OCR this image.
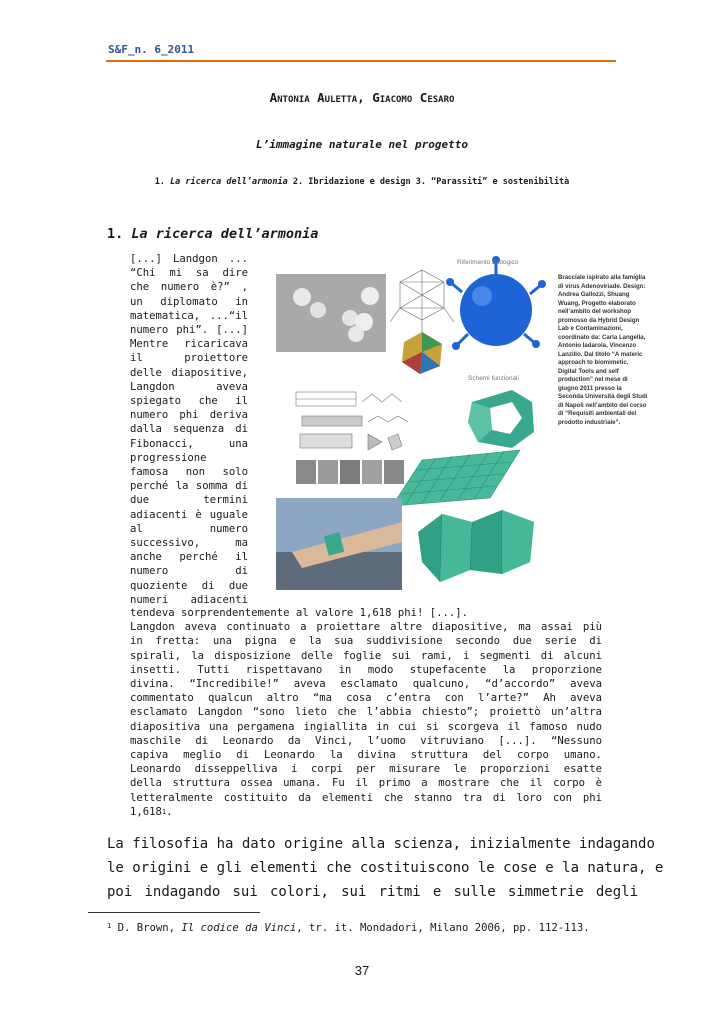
S&F_n. 6_2011
Antonia Auletta, Giacomo Cesaro
L’immagine naturale nel progetto
1. La ricerca dell’armonia 2. Ibridazione e design 3. “Parassiti” e sostenibilità
1. La ricerca dell’armonia
[...] Landgon ...
“Chi mi sa dire
che numero è?” ,
un diplomato in
matematica, ...“il
numero phi”. [...]
Mentre ricaricava
il proiettore
delle diapositive,
Langdon aveva
spiegato che il
numero phi deriva
dalla sequenza di
Fibonacci, una
progressione
famosa non solo
perché la somma di
due termini
adiacenti è uguale
al numero
successivo, ma
anche perché il
numero di
quoziente di due
numeri adiacenti
Riferimento Biologico
Schemi funzionali
Bracciale ispirato alla famiglia di virus Adenoviriade. Design: Andrea Gallozzi, Shuang Wuang, Progetto elaborato nell’ambito del workshop promosso da Hybrid Design Lab e Contaminazioni, coordinato da: Carla Langella, Antonio Iadarola, Vincenzo Lanzillo. Dal titolo “A materic approach to biomimetic. Digital Tools and self production” nel mese di giugno 2011 presso la Seconda Università degli Studi di Napoli nell’ambito del corso di “Requisiti ambientali del prodotto industriale”.
tendeva sorprendentemente al valore 1,618 phi! [...].
Langdon aveva continuato a proiettare altre diapositive, ma assai più
in fretta: una pigna e la sua suddivisione secondo due serie di
spirali, la disposizione delle foglie sui rami, i segmenti di alcuni
insetti. Tutti rispettavano in modo stupefacente la proporzione
divina. “Incredibile!” aveva esclamato qualcuno, “d’accordo” aveva
commentato qualcun altro “ma cosa c’entra con l’arte?” Ah aveva
esclamato Langdon “sono lieto che l’abbia chiesto”; proiettò un’altra
diapositiva una pergamena ingiallita in cui si scorgeva il famoso nudo
maschile di Leonardo da Vinci, l’uomo vitruviano [...]. “Nessuno
capiva meglio di Leonardo la divina struttura del corpo umano.
Leonardo disseppelliva i corpi per misurare le proporzioni esatte
della struttura ossea umana. Fu il primo a mostrare che il corpo è
letteralmente costituito da elementi che stanno tra di loro con phi
1,618$^1$.
La filosofia ha dato origine alla scienza, inizialmente indagando
le origini e gli elementi che costituiscono le cose e la natura, e
poi indagando sui colori, sui ritmi e sulle simmetrie degli
$^1$ D. Brown, Il codice da Vinci, tr. it. Mondadori, Milano 2006, pp. 112-113.
37
